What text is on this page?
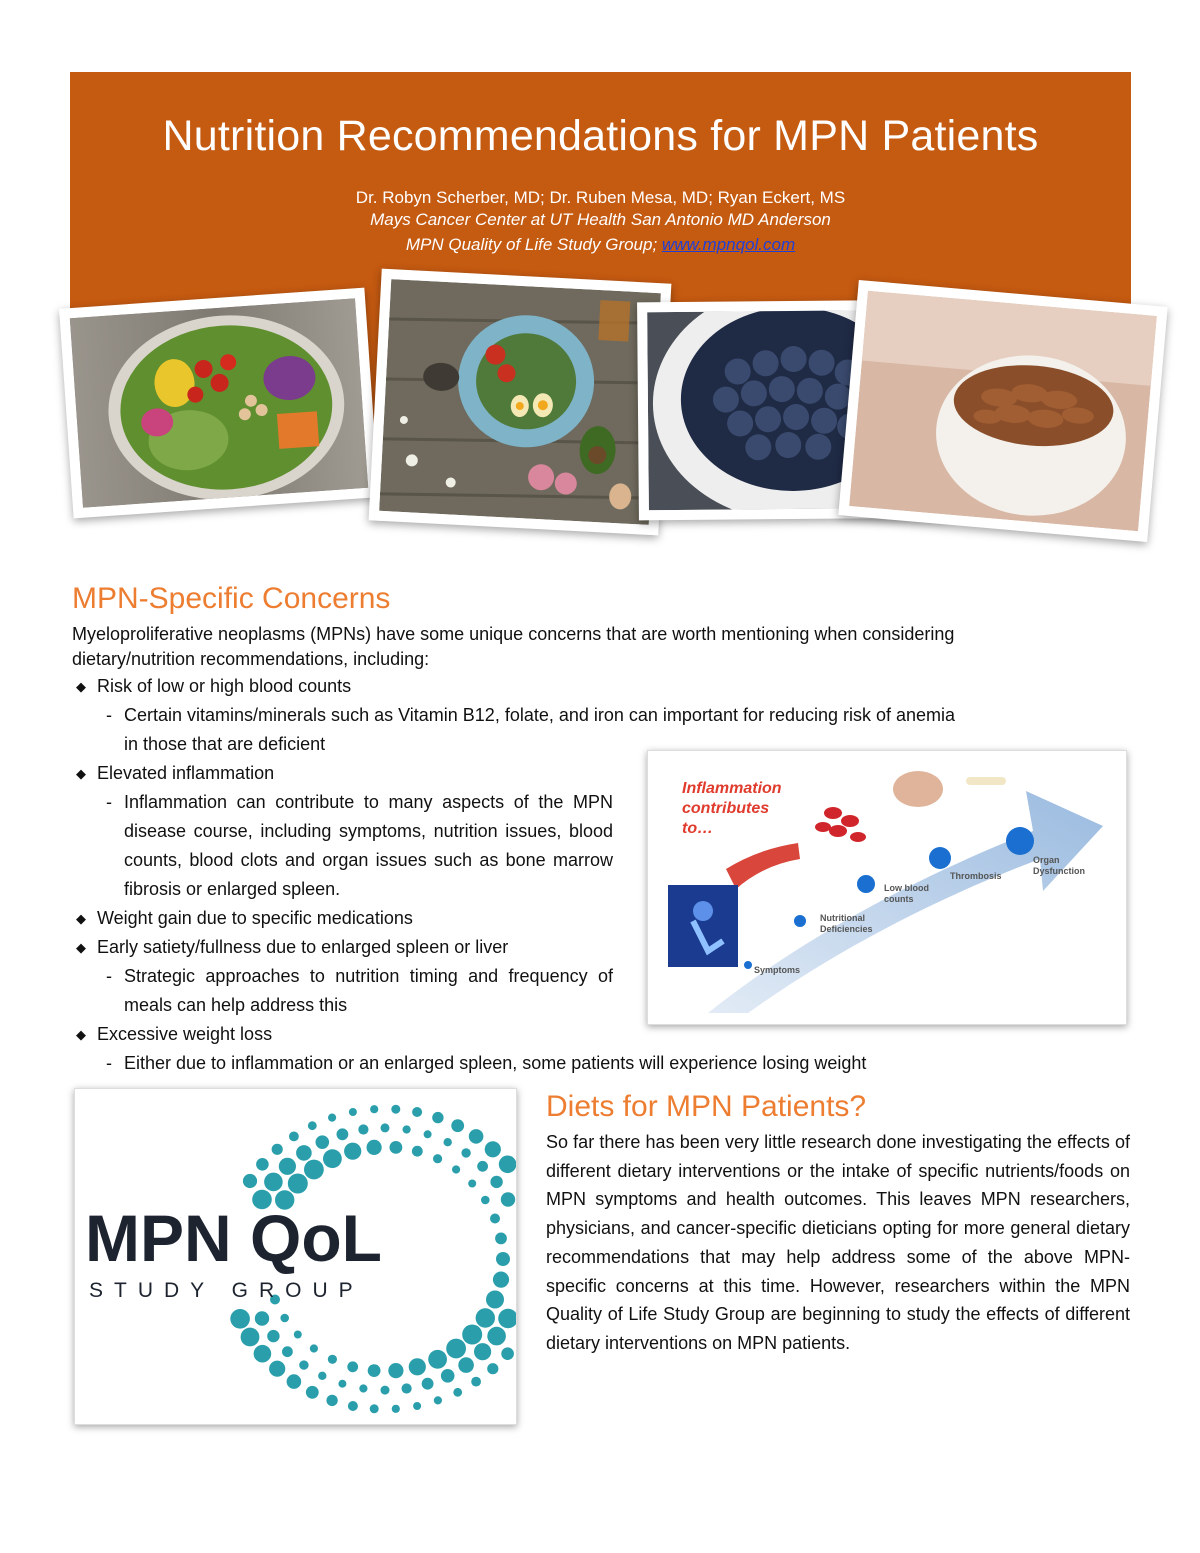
Nutrition Recommendations for MPN Patients
Dr. Robyn Scherber, MD; Dr. Ruben Mesa, MD; Ryan Eckert, MS
Mays Cancer Center at UT Health San Antonio MD Anderson
MPN Quality of Life Study Group; www.mpnqol.com
MPN-Specific Concerns
Myeloproliferative neoplasms (MPNs) have some unique concerns that are worth mentioning when considering
dietary/nutrition recommendations, including:
◆ Risk of low or high blood counts
- Certain vitamins/minerals such as Vitamin B12, folate, and iron can important for reducing risk of anemia
in those that are deficient
◆ Elevated inflammation
- Inflammation can contribute to many aspects of the MPN disease course, including symptoms, nutrition issues, blood counts, blood clots and organ issues such as bone marrow fibrosis or enlarged spleen.
◆ Weight gain due to specific medications
◆ Early satiety/fullness due to enlarged spleen or liver
- Strategic approaches to nutrition timing and frequency of meals can help address this
◆ Excessive weight loss
- Either due to inflammation or an enlarged spleen, some patients will experience losing weight
Inflammation contributes to…
Symptoms
Nutritional Deficiencies
Low blood counts
Thrombosis
Organ Dysfunction
MPN QoL
STUDY GROUP
Diets for MPN Patients?
So far there has been very little research done investigating the effects of different dietary interventions or the intake of specific nutrients/foods on MPN symptoms and health outcomes. This leaves MPN researchers, physicians, and cancer-specific dieticians opting for more general dietary recommendations that may help address some of the above MPN-specific concerns at this time. However, researchers within the MPN Quality of Life Study Group are beginning to study the effects of different dietary interventions on MPN patients.
